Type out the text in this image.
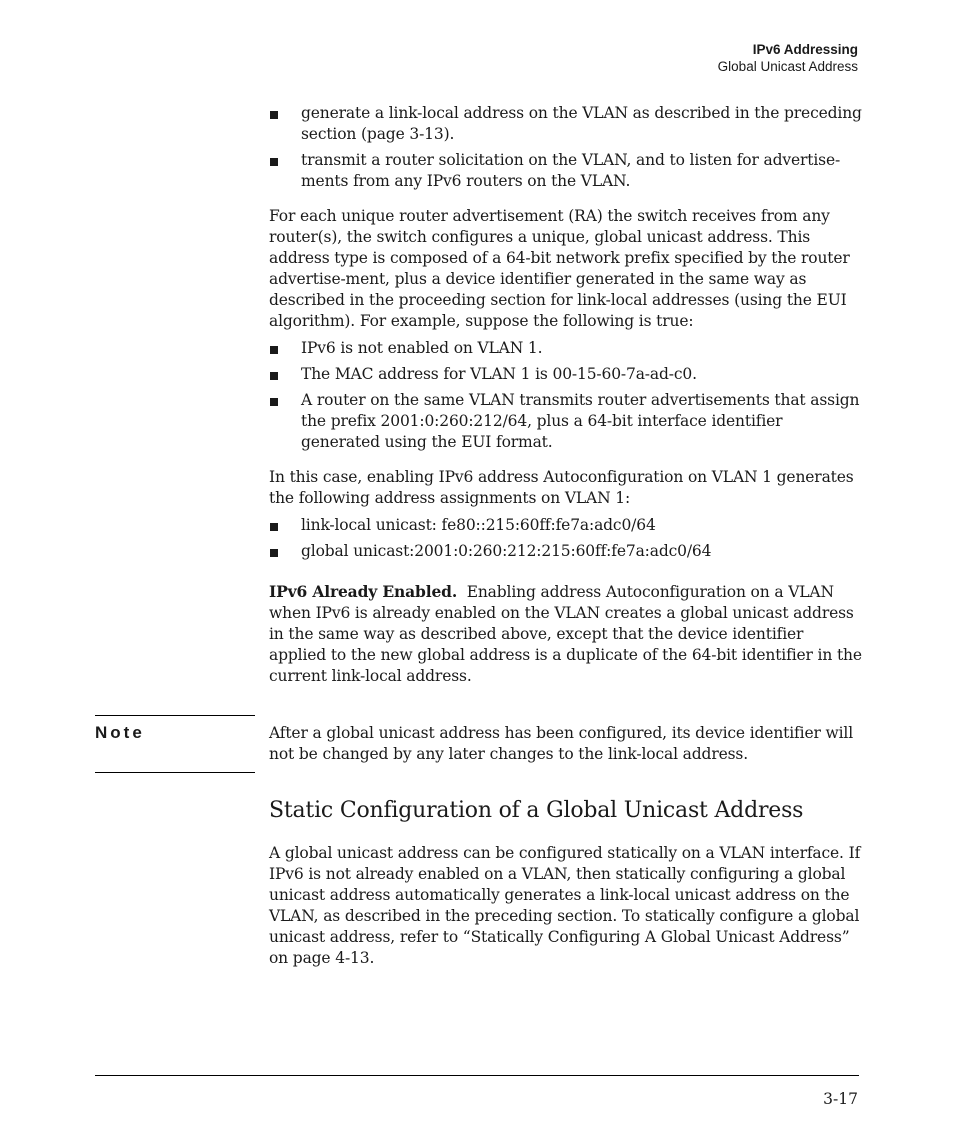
IPv6 Addressing
Global Unicast Address
generate a link-local address on the VLAN as described in the preceding section (page 3-13).
transmit a router solicitation on the VLAN, and to listen for advertise-ments from any IPv6 routers on the VLAN.

For each unique router advertisement (RA) the switch receives from any router(s), the switch configures a unique, global unicast address. This address type is composed of a 64-bit network prefix specified by the router advertise-ment, plus a device identifier generated in the same way as described in the proceeding section for link-local addresses (using the EUI algorithm). For example, suppose the following is true:

IPv6 is not enabled on VLAN 1.
The MAC address for VLAN 1 is 00-15-60-7a-ad-c0.
A router on the same VLAN transmits router advertisements that assign the prefix 2001:0:260:212/64, plus a 64-bit interface identifier generated using the EUI format.

In this case, enabling IPv6 address Autoconfiguration on VLAN 1 generates the following address assignments on VLAN 1:

link-local unicast: fe80::215:60ff:fe7a:adc0/64
global unicast:2001:0:260:212:215:60ff:fe7a:adc0/64

IPv6 Already Enabled. Enabling address Autoconfiguration on a VLAN when IPv6 is already enabled on the VLAN creates a global unicast address in the same way as described above, except that the device identifier applied to the new global address is a duplicate of the 64-bit identifier in the current link-local address.

Note	After a global unicast address has been configured, its device identifier will not be changed by any later changes to the link-local address.
Static Configuration of a Global Unicast Address

A global unicast address can be configured statically on a VLAN interface. If IPv6 is not already enabled on a VLAN, then statically configuring a global unicast address automatically generates a link-local unicast address on the VLAN, as described in the preceding section. To statically configure a global unicast address, refer to “Statically Configuring A Global Unicast Address” on page 4-13.

3-17
